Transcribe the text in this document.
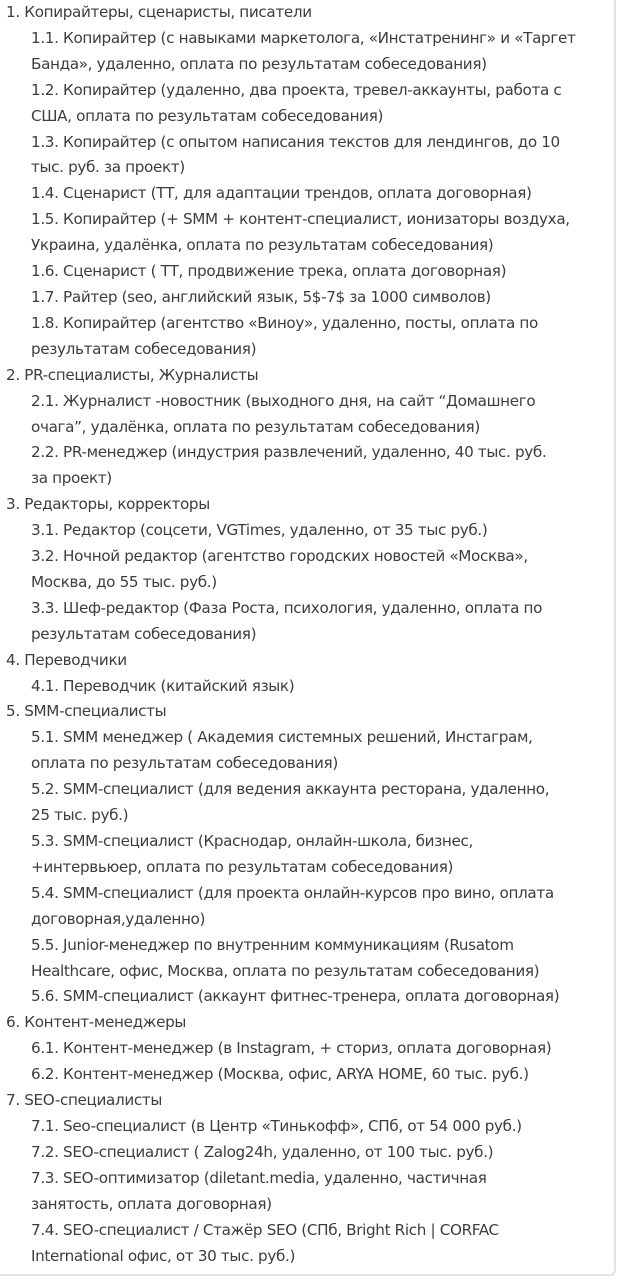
1. Копирайтеры, сценаристы, писатели
1.1. Копирайтер (с навыками маркетолога, «Инстатренинг» и «Таргет
Банда», удаленно, оплата по результатам собеседования)
1.2. Копирайтер (удаленно, два проекта, тревел-аккаунты, работа с
США, оплата по результатам собеседования)
1.3. Копирайтер (с опытом написания текстов для лендингов, до 10
тыс. руб. за проект)
1.4. Сценарист (ТТ, для адаптации трендов, оплата договорная)
1.5. Копирайтер (+ SMM + контент-специалист, ионизаторы воздуха,
Украина, удалёнка, оплата по результатам собеседования)
1.6. Сценарист ( ТТ, продвижение трека, оплата договорная)
1.7. Райтер (seo, английский язык, 5$-7$ за 1000 символов)
1.8. Копирайтер (агентство «Виноу», удаленно, посты, оплата по
результатам собеседования)
2. PR-специалисты, Журналисты
2.1. Журналист -новостник (выходного дня, на сайт “Домашнего
очага”, удалёнка, оплата по результатам собеседования)
2.2. PR-менеджер (индустрия развлечений, удаленно, 40 тыс. руб.
за проект)
3. Редакторы, корректоры
3.1. Редактор (соцсети, VGTimes, удаленно, от 35 тыс руб.)
3.2. Ночной редактор (агентство городских новостей «Москва»,
Москва, до 55 тыс. руб.)
3.3. Шеф-редактор (Фаза Роста, психология, удаленно, оплата по
результатам собеседования)
4. Переводчики
4.1. Переводчик (китайский язык)
5. SMM-специалисты
5.1. SMM менеджер ( Академия системных решений, Инстаграм,
оплата по результатам собеседования)
5.2. SMM-специалист (для ведения аккаунта ресторана, удаленно,
25 тыс. руб.)
5.3. SMM-специалист (Краснодар, онлайн-школа, бизнес,
+интервьюер, оплата по результатам собеседования)
5.4. SMM-специалист (для проекта онлайн-курсов про вино, оплата
договорная,удаленно)
5.5. Junior-менеджер по внутренним коммуникациям (Rusatom
Healthcare, офис, Москва, оплата по результатам собеседования)
5.6. SMM-специалист (аккаунт фитнес-тренера, оплата договорная)
6. Контент-менеджеры
6.1. Контент-менеджер (в Instagram, + сториз, оплата договорная)
6.2. Контент-менеджер (Москва, офис, ARYA HOME, 60 тыс. руб.)
7. SEO-специалисты
7.1. Seo-специалист (в Центр «Тинькофф», СПб, от 54 000 руб.)
7.2. SEO-специалист ( Zalog24h, удаленно, от 100 тыс. руб.)
7.3. SEO-оптимизатор (diletant.media, удаленно, частичная
занятость, оплата договорная)
7.4. SEO-специалист / Стажёр SEO (СПб, Bright Rich | CORFAC
International офис, от 30 тыс. руб.)
